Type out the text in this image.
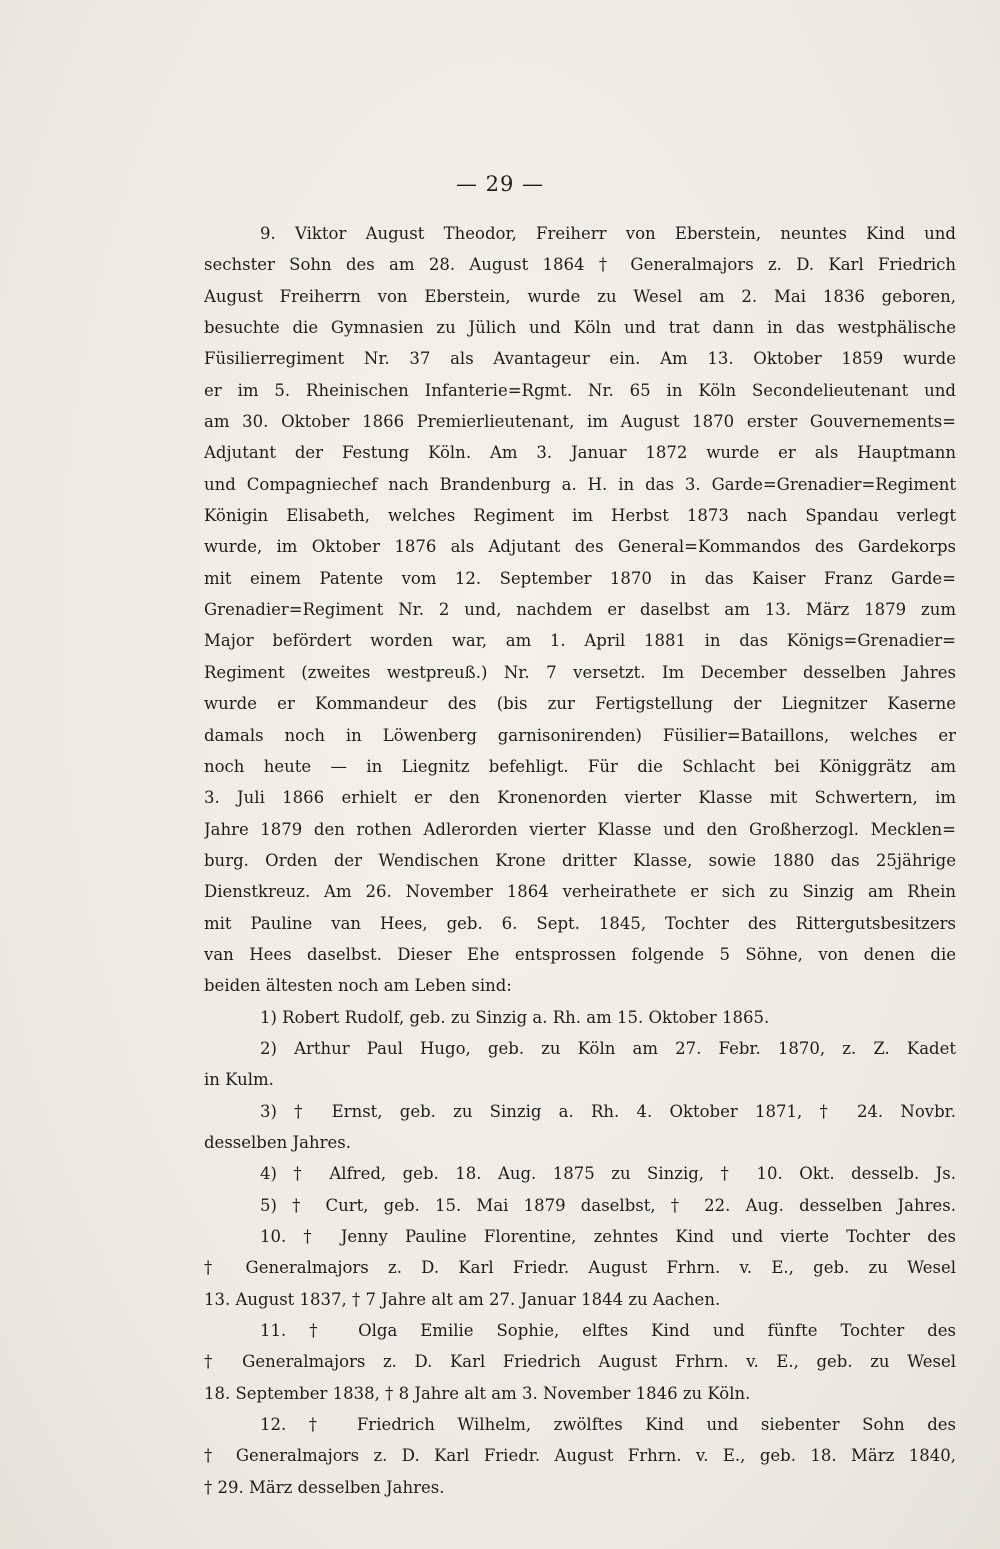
— 29 —
9. Viktor August Theodor, Freiherr von Eberstein, neuntes Kind und
sechster Sohn des am 28. August 1864 † Generalmajors z. D. Karl Friedrich
August Freiherrn von Eberstein, wurde zu Wesel am 2. Mai 1836 geboren,
besuchte die Gymnasien zu Jülich und Köln und trat dann in das westphälische
Füsilierregiment Nr. 37 als Avantageur ein. Am 13. Oktober 1859 wurde
er im 5. Rheinischen Infanterie=Rgmt. Nr. 65 in Köln Secondelieutenant und
am 30. Oktober 1866 Premierlieutenant, im August 1870 erster Gouvernements=
Adjutant der Festung Köln. Am 3. Januar 1872 wurde er als Hauptmann
und Compagniechef nach Brandenburg a. H. in das 3. Garde=Grenadier=Regiment
Königin Elisabeth, welches Regiment im Herbst 1873 nach Spandau verlegt
wurde, im Oktober 1876 als Adjutant des General=Kommandos des Gardekorps
mit einem Patente vom 12. September 1870 in das Kaiser Franz Garde=
Grenadier=Regiment Nr. 2 und, nachdem er daselbst am 13. März 1879 zum
Major befördert worden war, am 1. April 1881 in das Königs=Grenadier=
Regiment (zweites westpreuß.) Nr. 7 versetzt. Im December desselben Jahres
wurde er Kommandeur des (bis zur Fertigstellung der Liegnitzer Kaserne
damals noch in Löwenberg garnisonirenden) Füsilier=Bataillons, welches er
noch heute — in Liegnitz befehligt. Für die Schlacht bei Königgrätz am
3. Juli 1866 erhielt er den Kronenorden vierter Klasse mit Schwertern, im
Jahre 1879 den rothen Adlerorden vierter Klasse und den Großherzogl. Mecklen=
burg. Orden der Wendischen Krone dritter Klasse, sowie 1880 das 25jährige
Dienstkreuz. Am 26. November 1864 verheirathete er sich zu Sinzig am Rhein
mit Pauline van Hees, geb. 6. Sept. 1845, Tochter des Rittergutsbesitzers
van Hees daselbst. Dieser Ehe entsprossen folgende 5 Söhne, von denen die
beiden ältesten noch am Leben sind:
1) Robert Rudolf, geb. zu Sinzig a. Rh. am 15. Oktober 1865.
2) Arthur Paul Hugo, geb. zu Köln am 27. Febr. 1870, z. Z. Kadet
in Kulm.
3) † Ernst, geb. zu Sinzig a. Rh. 4. Oktober 1871, † 24. Novbr.
desselben Jahres.
4) † Alfred, geb. 18. Aug. 1875 zu Sinzig, † 10. Okt. desselb. Js.
5) † Curt, geb. 15. Mai 1879 daselbst, † 22. Aug. desselben Jahres.
10. † Jenny Pauline Florentine, zehntes Kind und vierte Tochter des
† Generalmajors z. D. Karl Friedr. August Frhrn. v. E., geb. zu Wesel
13. August 1837, † 7 Jahre alt am 27. Januar 1844 zu Aachen.
11. † Olga Emilie Sophie, elftes Kind und fünfte Tochter des
† Generalmajors z. D. Karl Friedrich August Frhrn. v. E., geb. zu Wesel
18. September 1838, † 8 Jahre alt am 3. November 1846 zu Köln.
12. † Friedrich Wilhelm, zwölftes Kind und siebenter Sohn des
† Generalmajors z. D. Karl Friedr. August Frhrn. v. E., geb. 18. März 1840,
† 29. März desselben Jahres.
